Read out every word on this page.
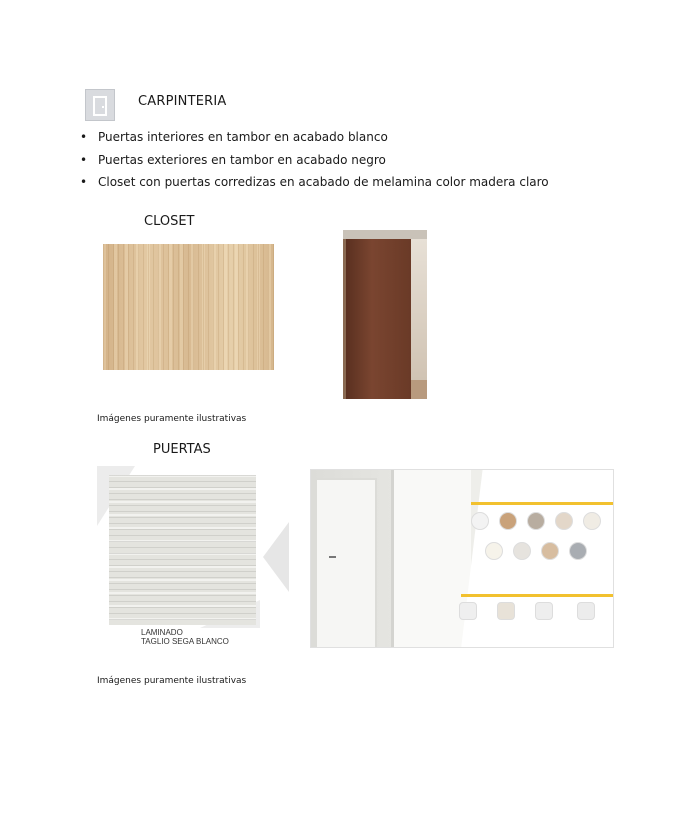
CARPINTERIA
• Puertas interiores en tambor en acabado blanco
• Puertas exteriores en tambor en acabado negro
• Closet con puertas corredizas en acabado de melamina color madera claro
CLOSET
Imágenes puramente ilustrativas
PUERTAS
LAMINADO
TAGLIO SEGA BLANCO
Imágenes puramente ilustrativas
